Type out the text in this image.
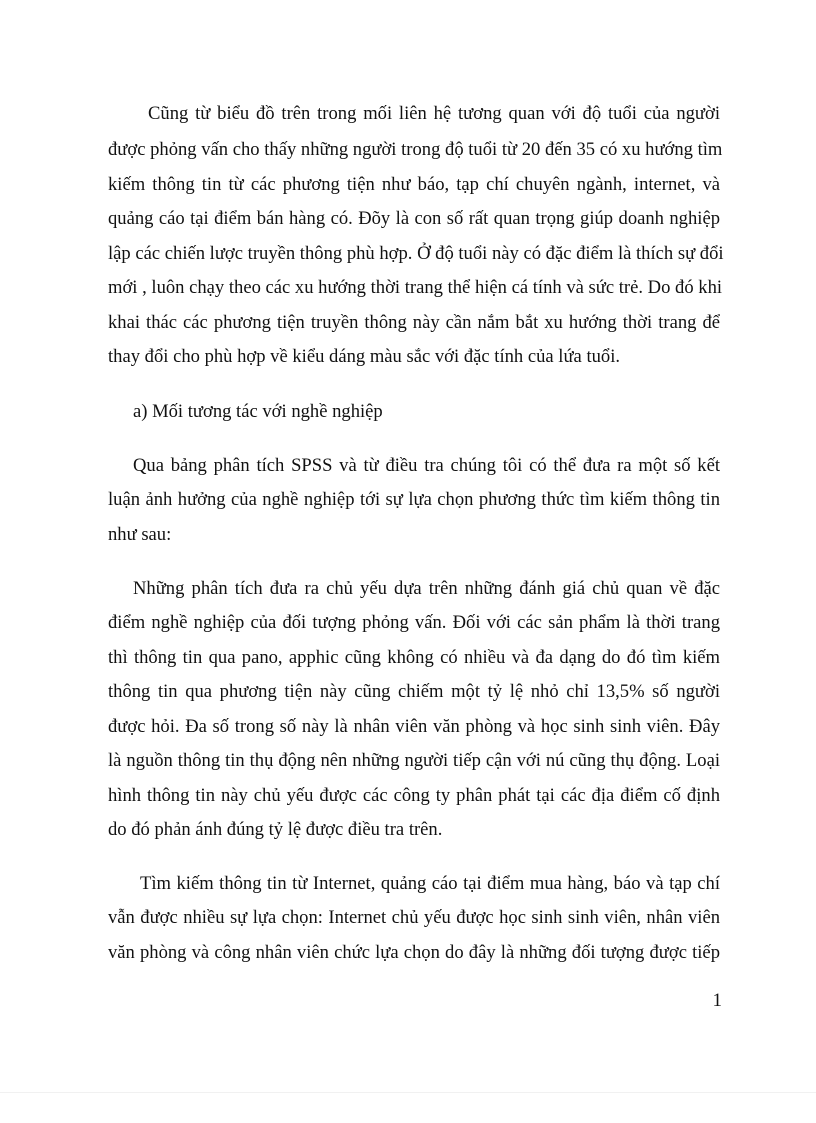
Cũng từ biểu đồ trên trong mối liên hệ tương quan với độ tuổi của người

được phỏng vấn cho thấy những người trong độ tuổi từ 20 đến 35 có xu hướng tìm

kiếm thông tin từ các phương tiện như báo, tạp chí chuyên ngành, internet, và

quảng cáo tại điểm bán hàng có. Đõy là con số rất quan trọng giúp doanh nghiệp

lập các chiến lược truyền thông phù hợp. Ở độ tuổi này có đặc điểm là thích sự đổi

mới , luôn chạy theo các xu hướng thời trang thể hiện cá tính và sức trẻ. Do đó khi

khai thác các phương tiện truyền thông này cần nắm bắt xu hướng thời trang để

thay đổi cho phù hợp về kiểu dáng màu sắc với đặc tính của lứa tuổi.

a) Mối tương tác với nghề nghiệp

Qua bảng phân tích SPSS và từ điều tra chúng tôi có thể đưa ra một số kết

luận ảnh hưởng của nghề nghiệp tới sự lựa chọn phương thức tìm kiếm thông tin

như sau:

Những phân tích đưa ra chủ yếu dựa trên những đánh giá chủ quan về đặc

điểm nghề nghiệp của đối tượng phỏng vấn. Đối với các sản phẩm là thời trang

thì thông tin qua pano, apphic cũng không có nhiều và đa dạng do đó tìm kiếm

thông tin qua phương tiện này cũng chiếm một tỷ lệ nhỏ chỉ 13,5% số người

được hỏi. Đa số trong số này là nhân viên văn phòng và học sinh sinh viên. Đây

là nguồn thông tin thụ động nên những người tiếp cận với nú cũng thụ động. Loại

hình thông tin này chủ yếu được các công ty phân phát tại các địa điểm cố định

do đó phản ánh đúng tỷ lệ được điều tra trên.

Tìm kiếm thông tin từ Internet, quảng cáo tại điểm mua hàng, báo và tạp chí

vẫn được nhiều sự lựa chọn: Internet chủ yếu được học sinh sinh viên, nhân viên

văn phòng và công nhân viên chức lựa chọn do đây là những đối tượng được tiếp

1
